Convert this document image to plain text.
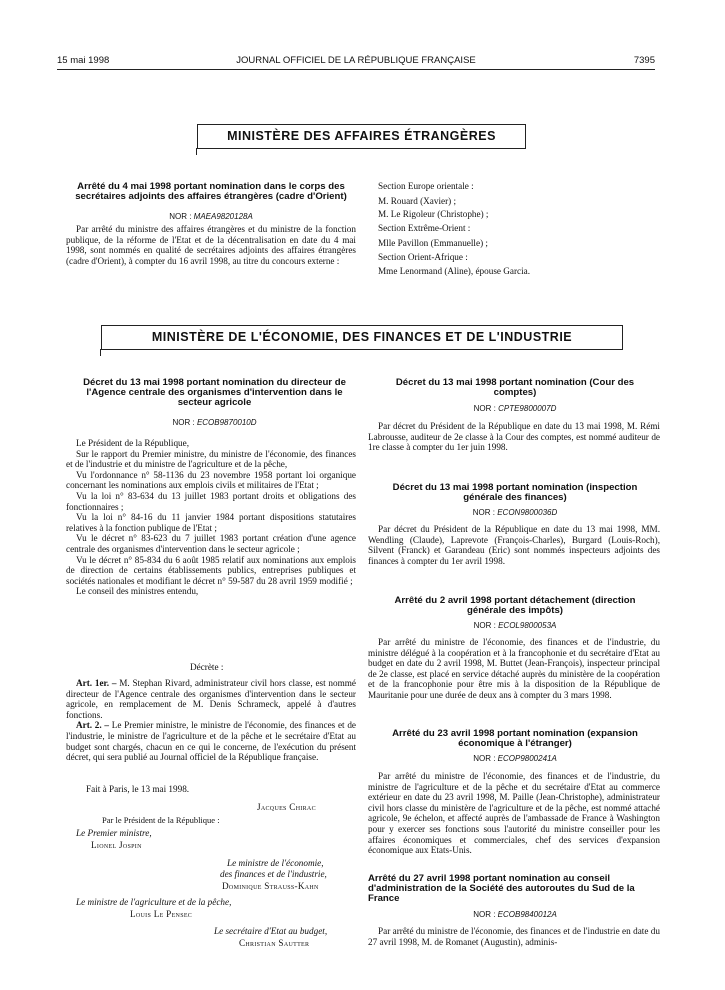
15 mai 1998	JOURNAL OFFICIEL DE LA RÉPUBLIQUE FRANÇAISE	7395
MINISTÈRE DES AFFAIRES ÉTRANGÈRES
Arrêté du 4 mai 1998 portant nomination dans le corps des secrétaires adjoints des affaires étrangères (cadre d'Orient)
NOR : MAEA9820128A

Par arrêté du ministre des affaires étrangères et du ministre de la fonction publique, de la réforme de l'Etat et de la décentralisation en date du 4 mai 1998, sont nommés en qualité de secrétaires adjoints des affaires étrangères (cadre d'Orient), à compter du 16 avril 1998, au titre du concours externe :

Section Europe orientale :
M. Rouard (Xavier) ;
M. Le Rigoleur (Christophe) ;
Section Extrême-Orient :
Mlle Pavillon (Emmanuelle) ;
Section Orient-Afrique :
Mme Lenormand (Aline), épouse Garcia.
MINISTÈRE DE L'ÉCONOMIE, DES FINANCES ET DE L'INDUSTRIE
Décret du 13 mai 1998 portant nomination du directeur de l'Agence centrale des organismes d'intervention dans le secteur agricole
NOR : ECOB9870010D

Le Président de la République,

Sur le rapport du Premier ministre, du ministre de l'économie, des finances et de l'industrie et du ministre de l'agriculture et de la pêche,

Vu l'ordonnance n° 58-1136 du 23 novembre 1958 portant loi organique concernant les nominations aux emplois civils et militaires de l'Etat ;

Vu la loi n° 83-634 du 13 juillet 1983 portant droits et obligations des fonctionnaires ;

Vu la loi n° 84-16 du 11 janvier 1984 portant dispositions statutaires relatives à la fonction publique de l'Etat ;

Vu le décret n° 83-623 du 7 juillet 1983 portant création d'une agence centrale des organismes d'intervention dans le secteur agricole ;

Vu le décret n° 85-834 du 6 août 1985 relatif aux nominations aux emplois de direction de certains établissements publics, entreprises publiques et sociétés nationales et modifiant le décret n° 59-587 du 28 avril 1959 modifié ;

Le conseil des ministres entendu,

Décrète :

Art. 1er. – M. Stephan Rivard, administrateur civil hors classe, est nommé directeur de l'Agence centrale des organismes d'intervention dans le secteur agricole, en remplacement de M. Denis Schrameck, appelé à d'autres fonctions.

Art. 2. – Le Premier ministre, le ministre de l'économie, des finances et de l'industrie, le ministre de l'agriculture et de la pêche et le secrétaire d'Etat au budget sont chargés, chacun en ce qui le concerne, de l'exécution du présent décret, qui sera publié au Journal officiel de la République française.

Fait à Paris, le 13 mai 1998.
Jacques Chirac
Par le Président de la République :
Le Premier ministre,
Lionel Jospin
Le ministre de l'économie,
des finances et de l'industrie,
Dominique Strauss-Kahn
Le ministre de l'agriculture et de la pêche,
Louis Le Pensec
Le secrétaire d'Etat au budget,
Christian Sautter
Décret du 13 mai 1998 portant nomination (Cour des comptes)
NOR : CPTE9800007D

Par décret du Président de la République en date du 13 mai 1998, M. Rémi Labrousse, auditeur de 2e classe à la Cour des comptes, est nommé auditeur de 1re classe à compter du 1er juin 1998.

Décret du 13 mai 1998 portant nomination (inspection générale des finances)
NOR : ECON9800036D

Par décret du Président de la République en date du 13 mai 1998, MM. Wendling (Claude), Laprevote (François-Charles), Burgard (Louis-Roch), Silvent (Franck) et Garandeau (Eric) sont nommés inspecteurs adjoints des finances à compter du 1er avril 1998.

Arrêté du 2 avril 1998 portant détachement (direction générale des impôts)
NOR : ECOL9800053A

Par arrêté du ministre de l'économie, des finances et de l'industrie, du ministre délégué à la coopération et à la francophonie et du secrétaire d'Etat au budget en date du 2 avril 1998, M. Buttet (Jean-François), inspecteur principal de 2e classe, est placé en service détaché auprès du ministère de la coopération et de la francophonie pour être mis à la disposition de la République de Mauritanie pour une durée de deux ans à compter du 3 mars 1998.

Arrêté du 23 avril 1998 portant nomination (expansion économique à l'étranger)
NOR : ECOP9800241A

Par arrêté du ministre de l'économie, des finances et de l'industrie, du ministre de l'agriculture et de la pêche et du secrétaire d'Etat au commerce extérieur en date du 23 avril 1998, M. Paille (Jean-Christophe), administrateur civil hors classe du ministère de l'agriculture et de la pêche, est nommé attaché agricole, 9e échelon, et affecté auprès de l'ambassade de France à Washington pour y exercer ses fonctions sous l'autorité du ministre conseiller pour les affaires économiques et commerciales, chef des services d'expansion économique aux Etats-Unis.

Arrêté du 27 avril 1998 portant nomination au conseil d'administration de la Société des autoroutes du Sud de la France
NOR : ECOB9840012A

Par arrêté du ministre de l'économie, des finances et de l'industrie en date du 27 avril 1998, M. de Romanet (Augustin), adminis-
